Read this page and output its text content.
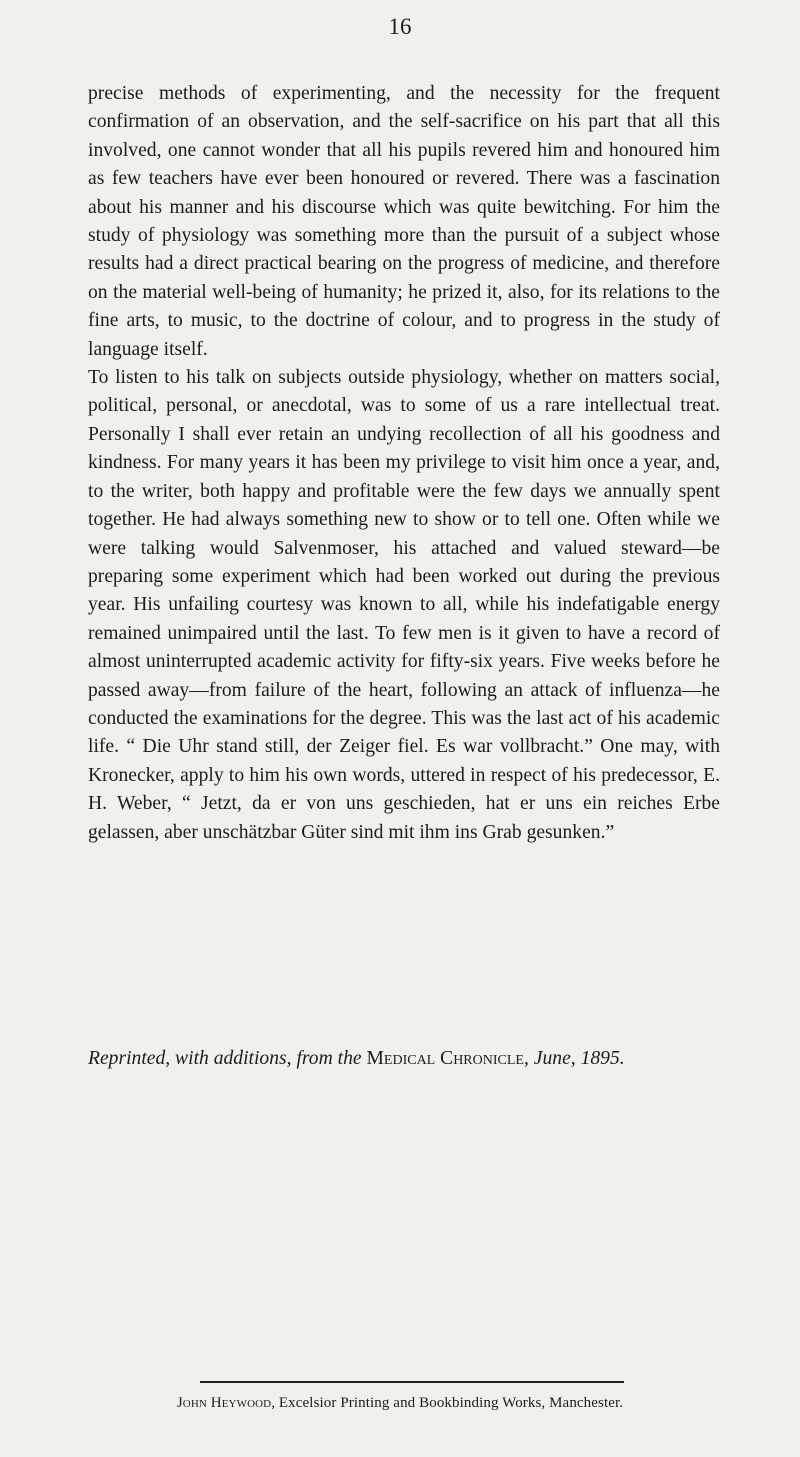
16

precise methods of experimenting, and the necessity for the frequent confirmation of an observation, and the self-sacrifice on his part that all this involved, one cannot wonder that all his pupils revered him and honoured him as few teachers have ever been honoured or revered. There was a fascination about his manner and his discourse which was quite bewitching. For him the study of physiology was something more than the pursuit of a subject whose results had a direct practical bearing on the progress of medicine, and therefore on the material well-being of humanity; he prized it, also, for its relations to the fine arts, to music, to the doctrine of colour, and to progress in the study of language itself.

To listen to his talk on subjects outside physiology, whether on matters social, political, personal, or anecdotal, was to some of us a rare intellectual treat. Personally I shall ever retain an undying recollection of all his goodness and kindness. For many years it has been my privilege to visit him once a year, and, to the writer, both happy and profitable were the few days we annually spent together. He had always something new to show or to tell one. Often while we were talking would Salvenmoser, his attached and valued steward—be preparing some experiment which had been worked out during the previous year. His unfailing courtesy was known to all, while his indefatigable energy remained unimpaired until the last. To few men is it given to have a record of almost uninterrupted academic activity for fifty-six years. Five weeks before he passed away—from failure of the heart, following an attack of influenza—he conducted the examinations for the degree. This was the last act of his academic life. “ Die Uhr stand still, der Zeiger fiel. Es war vollbracht.” One may, with Kronecker, apply to him his own words, uttered in respect of his predecessor, E. H. Weber, “ Jetzt, da er von uns geschieden, hat er uns ein reiches Erbe gelassen, aber unschätzbar Güter sind mit ihm ins Grab gesunken.”

Reprinted, with additions, from the Medical Chronicle, June, 1895.
John Heywood, Excelsior Printing and Bookbinding Works, Manchester.
